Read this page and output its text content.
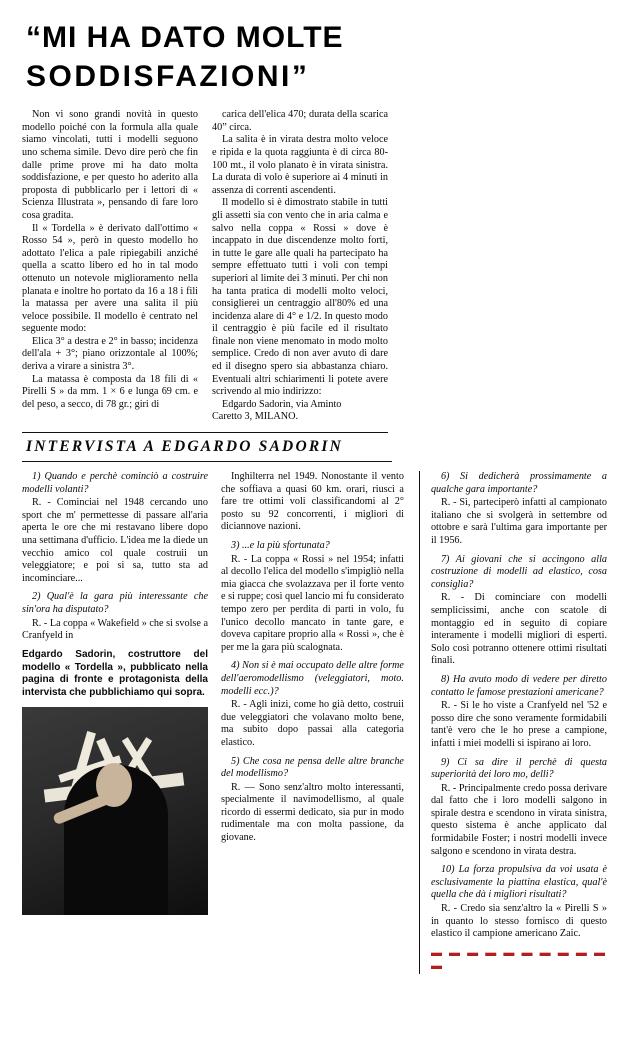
“MI HA DATO MOLTE
SODDISFAZIONI”

Non vi sono grandi novità in questo modello poiché con la formula alla quale siamo vincolati, tutti i modelli seguono uno schema simile. Devo dire però che fin dalle prime prove mi ha dato molta soddisfazione, e per questo ho aderito alla proposta di pubblicarlo per i lettori di « Scienza Illustrata », pensando di fare loro cosa gradita.

Il « Tordella » è derivato dall'ottimo « Rosso 54 », però in questo modello ho adottato l'elica a pale ripiegabili anziché quella a scatto libero ed ho in tal modo ottenuto un notevole miglioramento nella planata e inoltre ho portato da 16 a 18 i fili la matassa per avere una salita il più veloce possibile. Il modello è centrato nel seguente modo:

Elica 3° a destra e 2° in basso; incidenza dell'ala + 3°; piano orizzontale al 100%; deriva a virare a sinistra 3°.

La matassa è composta da 18 fili di « Pirelli S » da mm. 1 × 6 e lunga 69 cm. e del peso, a secco, di 78 gr.; giri di

carica dell'elica 470; durata della scarica 40” circa.

La salita è in virata destra molto veloce e ripida e la quota raggiunta è di circa 80-100 mt., il volo planato è in virata sinistra. La durata di volo è superiore ai 4 minuti in assenza di correnti ascendenti.

Il modello si è dimostrato stabile in tutti gli assetti sia con vento che in aria calma e salvo nella coppa « Rossi » dove è incappato in due discendenze molto forti, in tutte le gare alle quali ha partecipato ha sempre effettuato tutti i voli con tempi superiori al limite dei 3 minuti. Per chi non ha tanta pratica di modelli molto veloci, consiglierei un centraggio all'80% ed una incidenza alare di 4° e 1/2. In questo modo il centraggio è più facile ed il risultato finale non viene menomato in modo molto semplice. Credo di non aver avuto di dare ed il disegno spero sia abbastanza chiaro. Eventuali altri schiarimenti li potete avere scrivendo al mio indirizzo:

Edgardo Sadorin, via Aminto

Caretto 3, MILANO.

INTERVISTA A EDGARDO SADORIN

1) Quando e perchè cominciò a costruire modelli volanti?

R. - Cominciai nel 1948 cercando uno sport che m' permettesse di passare all'aria aperta le ore che mi restavano libere dopo una settimana d'ufficio. L'idea me la diede un vecchio amico col quale costruii un veleggiatore; e poi si sa, tutto sta ad incominciare...

2) Qual'è la gara più interessante che sin'ora ha disputato?

R. - La coppa « Wakefield » che si svolse a Cranfyeld in

Edgardo Sadorin, costruttore del modello « Tordella », pubblicato nella pagina di fronte e protagonista della intervista che pubblichiamo qui sopra.

Inghilterra nel 1949. Nonostante il vento che soffiava a quasi 60 km. orari, riuscì a fare tre ottimi voli classificandomi al 2° posto su 92 concorrenti, i migliori di diciannove nazioni.

3) ...e la più sfortunata?

R. - La coppa « Rossi » nel 1954; infatti al decollo l'elica del modello s'impigliò nella mia giacca che svolazzava per il forte vento e si ruppe; così quel lancio mi fu considerato tempo zero per perdita di parti in volo, fu l'unico decollo mancato in tante gare, e doveva capitare proprio alla « Rossi », che è per me la gara più scalognata.

4) Non si è mai occupato delle altre forme dell'aeromodellismo (veleggiatori, moto. modelli ecc.)?

R. - Agli inizi, come ho già detto, costruii due veleggiatori che volavano molto bene, ma subito dopo passai alla categoria elastico.

5) Che cosa ne pensa delle altre branche del modellismo?

R. — Sono senz'altro molto interessanti, specialmente il navimodellismo, al quale ricordo di essermi dedicato, sia pur in modo rudimentale ma con molta passione, da giovane.

6) Si dedicherà prossimamente a qualche gara importante?

R. - Sì, parteciperò infatti al campionato italiano che si svolgerà in settembre od ottobre e sarà l'ultima gara importante per il 1956.

7) Ai giovani che si accingono alla costruzione di modelli ad elastico, cosa consiglia?

R. - Di cominciare con modelli semplicissimi, anche con scatole di montaggio ed in seguito di copiare interamente i modelli migliori di esperti. Solo così potranno ottenere ottimi risultati finali.

8) Ha avuto modo di vedere per diretto contatto le famose prestazioni americane?

R. - Sì le ho viste a Cranfyeld nel '52 e posso dire che sono veramente formidabili tant'è vero che le ho prese a campione, infatti i miei modelli si ispirano ai loro.

9) Ci sa dire il perchè di questa superiorità dei loro mo, delli?

R. - Principalmente credo possa derivare dal fatto che i loro modelli salgono in spirale destra e scendono in virata sinistra, questo sistema è anche applicato dal formidabile Foster; i nostri modelli invece salgono e scendono in virata destra.

10) La forza propulsiva da voi usata è esclusivamente la piattina elastica, qual'è quella che dà i migliori risultati?

R. - Credo sia senz'altro la « Pirelli S » in quanto lo stesso fornisco di questo elastico il campione americano Zaic.

▬ ▬ ▬ ▬ ▬ ▬ ▬ ▬ ▬ ▬ ▬
